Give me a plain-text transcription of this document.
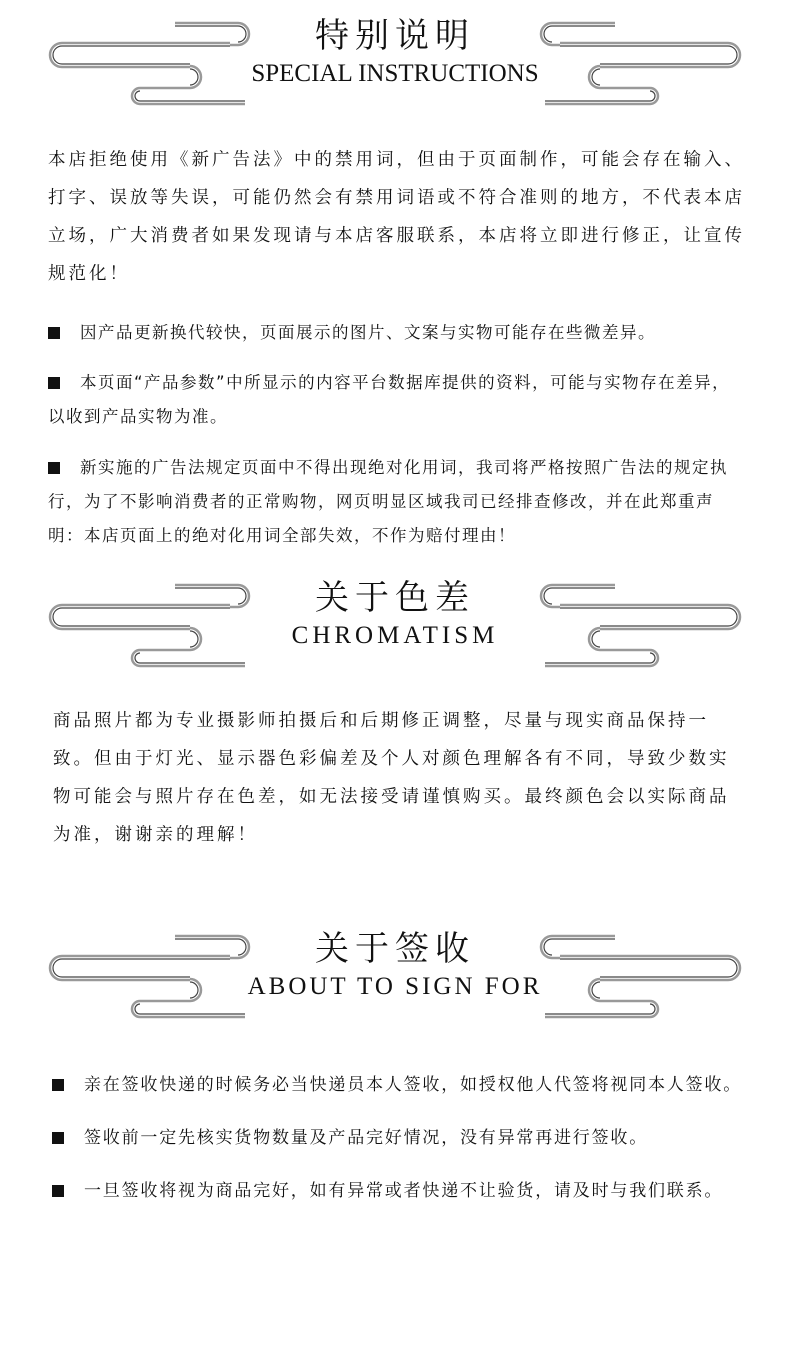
特别说明
SPECIAL INSTRUCTIONS
本店拒绝使用《新广告法》中的禁用词，但由于页面制作，可能会存在输入、打字、误放等失误，可能仍然会有禁用词语或不符合准则的地方，不代表本店立场，广大消费者如果发现请与本店客服联系，本店将立即进行修正，让宣传规范化！

因产品更新换代较快，页面展示的图片、文案与实物可能存在些微差异。

本页面“产品参数”中所显示的内容平台数据库提供的资料，可能与实物存在差异，以收到产品实物为准。

新实施的广告法规定页面中不得出现绝对化用词，我司将严格按照广告法的规定执行，为了不影响消费者的正常购物，网页明显区域我司已经排查修改，并在此郑重声明：本店页面上的绝对化用词全部失效，不作为赔付理由！

关于色差
CHROMATISM
商品照片都为专业摄影师拍摄后和后期修正调整，尽量与现实商品保持一致。但由于灯光、显示器色彩偏差及个人对颜色理解各有不同，导致少数实物可能会与照片存在色差，如无法接受请谨慎购买。最终颜色会以实际商品为准，谢谢亲的理解！
关于签收
ABOUT TO SIGN FOR

亲在签收快递的时候务必当快递员本人签收，如授权他人代签将视同本人签收。

签收前一定先核实货物数量及产品完好情况，没有异常再进行签收。

一旦签收将视为商品完好，如有异常或者快递不让验货，请及时与我们联系。
